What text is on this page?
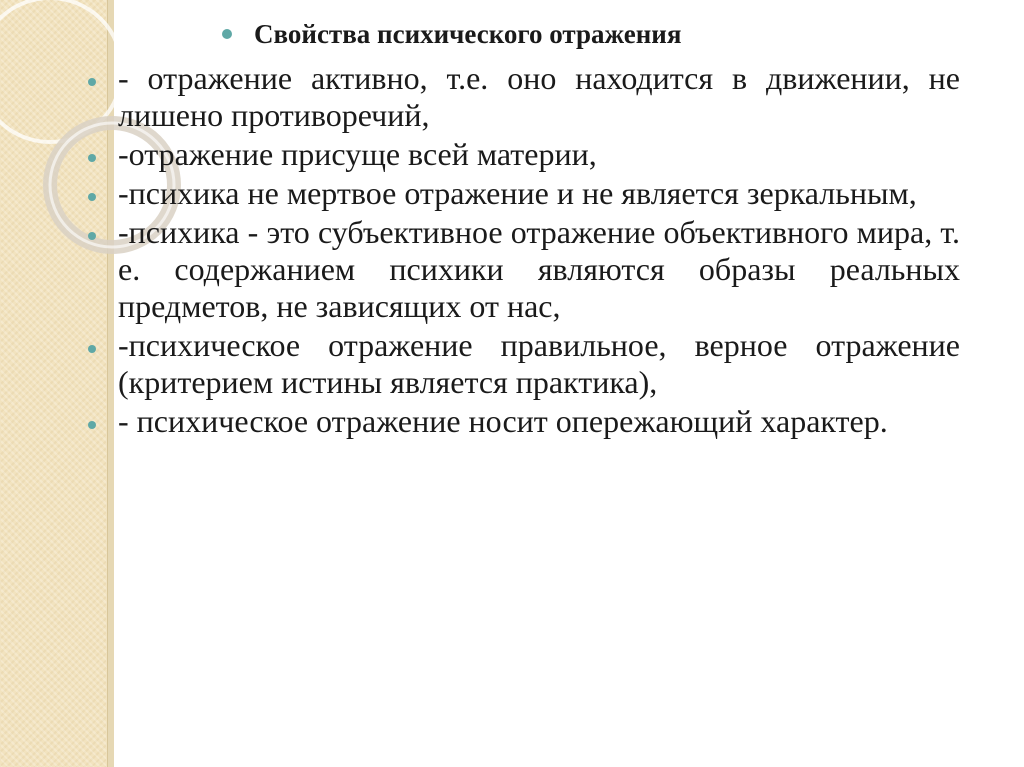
Свойства психического отражения
- отражение активно, т.е. оно находится в движении, не лишено противоречий,
-отражение присуще всей материи,
-психика не мертвое отражение и не является зеркальным,
-психика - это субъективное отражение объективного мира, т. е. содержанием психики являются образы реальных предметов, не зависящих от нас,
-психическое отражение правильное, верное отражение (критерием истины является практика),
- психическое отражение носит опережающий характер.
